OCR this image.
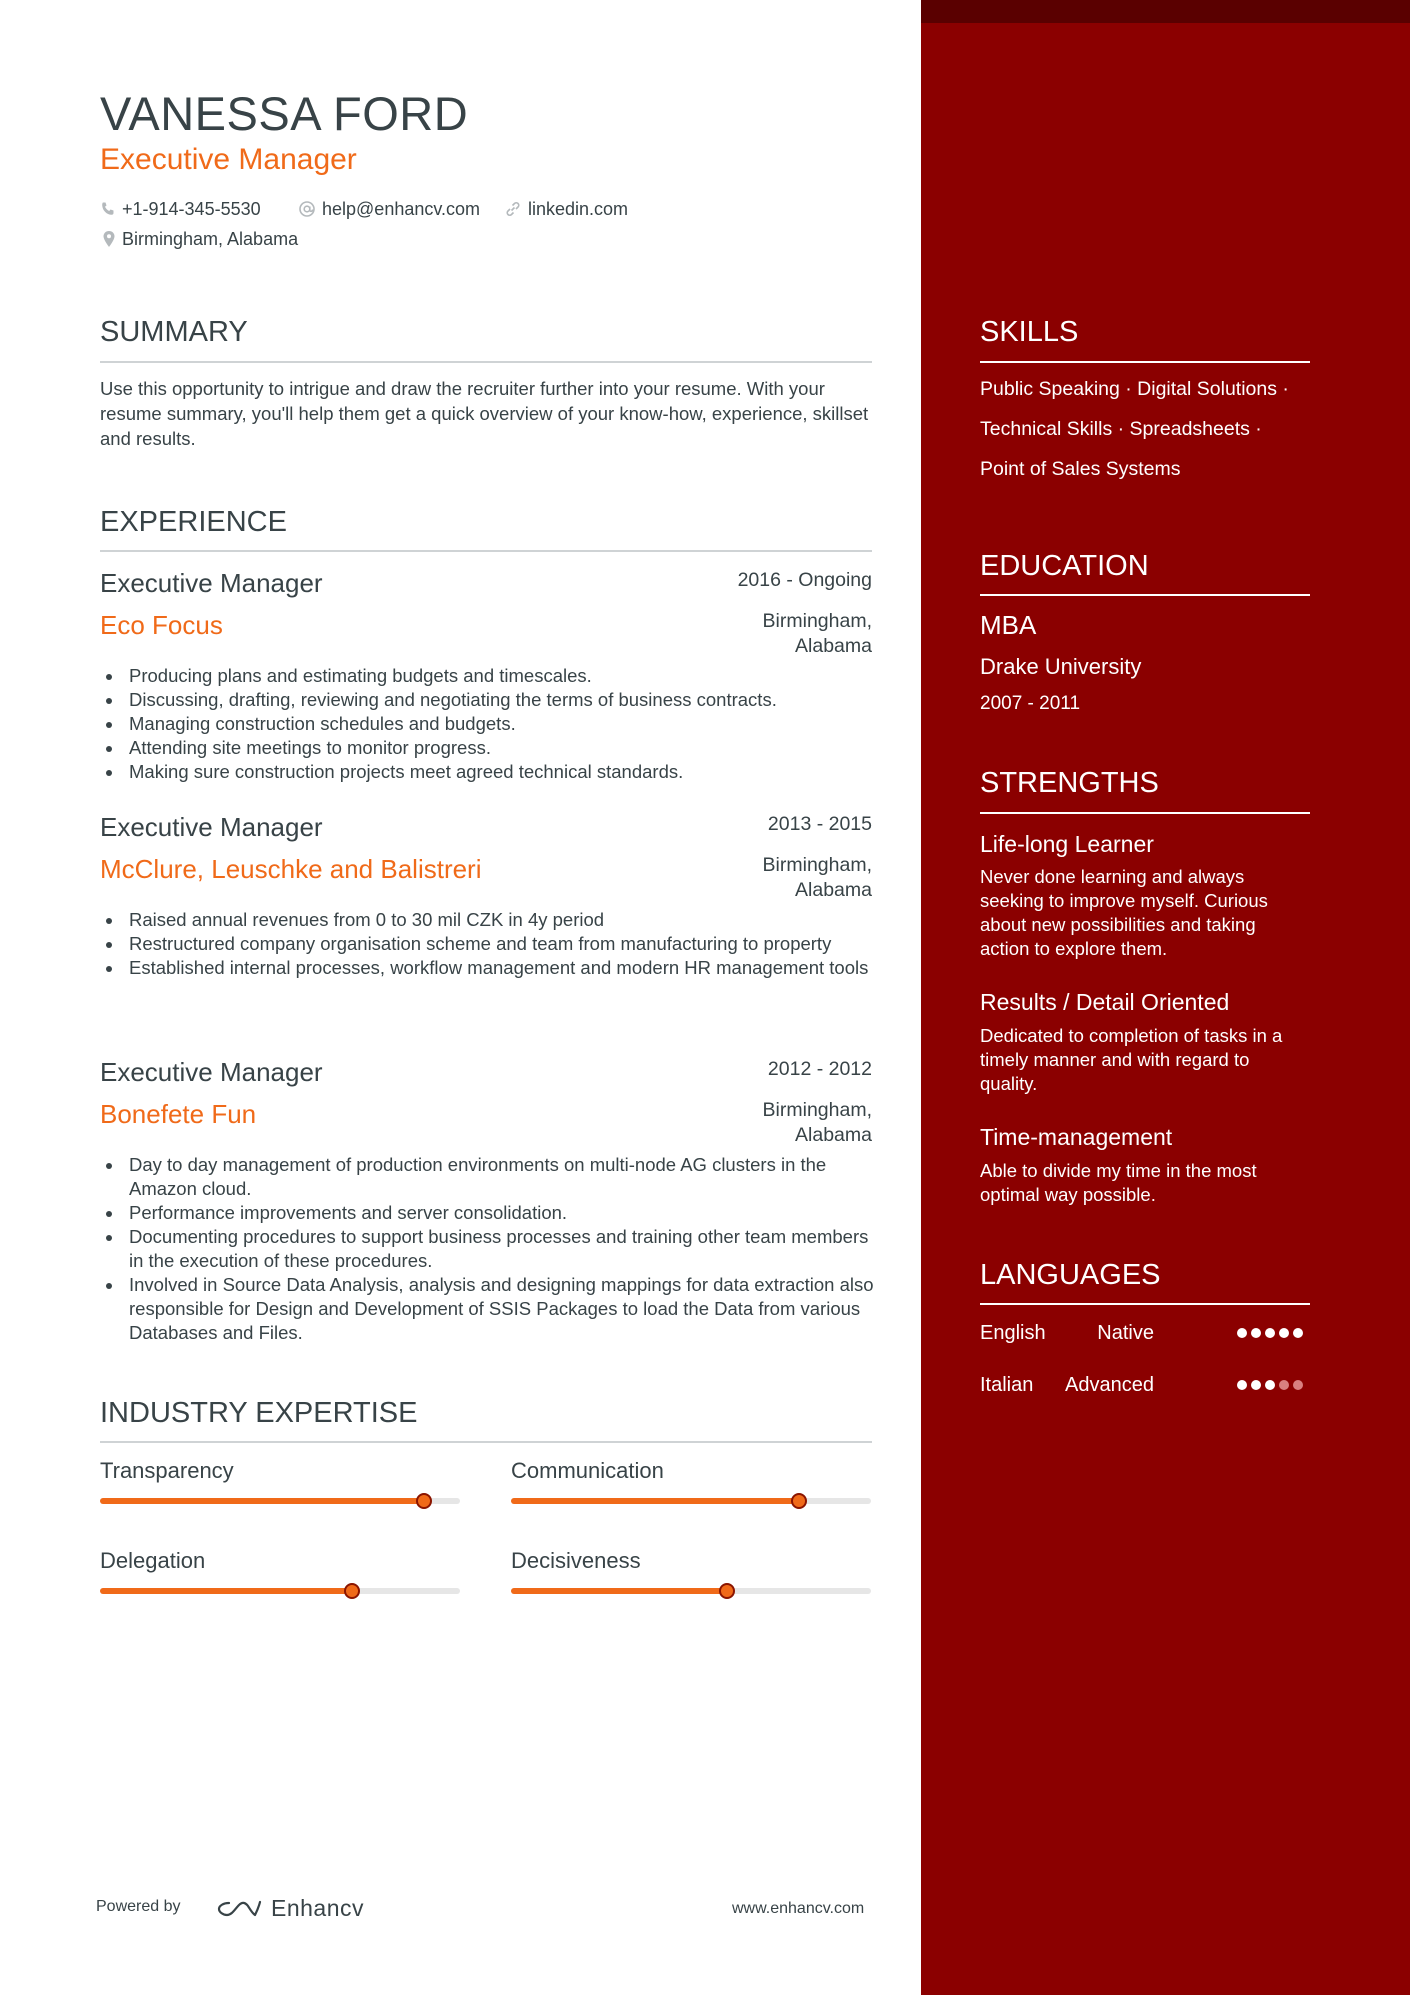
VANESSA FORD
Executive Manager
+1-914-345-5530	help@enhancv.com	linkedin.com
Birmingham, Alabama
SUMMARY
Use this opportunity to intrigue and draw the recruiter further into your resume. With your resume summary, you'll help them get a quick overview of your know-how, experience, skillset and results.
EXPERIENCE
Executive Manager	2016 - Ongoing
Eco Focus	Birmingham,
Alabama
Producing plans and estimating budgets and timescales.
Discussing, drafting, reviewing and negotiating the terms of business contracts.
Managing construction schedules and budgets.
Attending site meetings to monitor progress.
Making sure construction projects meet agreed technical standards.
Executive Manager	2013 - 2015
McClure, Leuschke and Balistreri	Birmingham,
Alabama
Raised annual revenues from 0 to 30 mil CZK in 4y period
Restructured company organisation scheme and team from manufacturing to property
Established internal processes, workflow management and modern HR management tools
Executive Manager	2012 - 2012
Bonefete Fun	Birmingham,
Alabama
Day to day management of production environments on multi-node AG clusters in the Amazon cloud.
Performance improvements and server consolidation.
Documenting procedures to support business processes and training other team members in the execution of these procedures.
Involved in Source Data Analysis, analysis and designing mappings for data extraction also responsible for Design and Development of SSIS Packages to load the Data from various Databases and Files.
INDUSTRY EXPERTISE
Transparency	Communication
Delegation	Decisiveness
Powered by	Enhancv	www.enhancv.com
SKILLS
Public Speaking · Digital Solutions ·
Technical Skills · Spreadsheets ·
Point of Sales Systems
EDUCATION
MBA
Drake University
2007 - 2011
STRENGTHS
Life-long Learner
Never done learning and always seeking to improve myself. Curious about new possibilities and taking action to explore them.
Results / Detail Oriented
Dedicated to completion of tasks in a timely manner and with regard to quality.
Time-management
Able to divide my time in the most optimal way possible.
LANGUAGES
English	Native
Italian	Advanced
